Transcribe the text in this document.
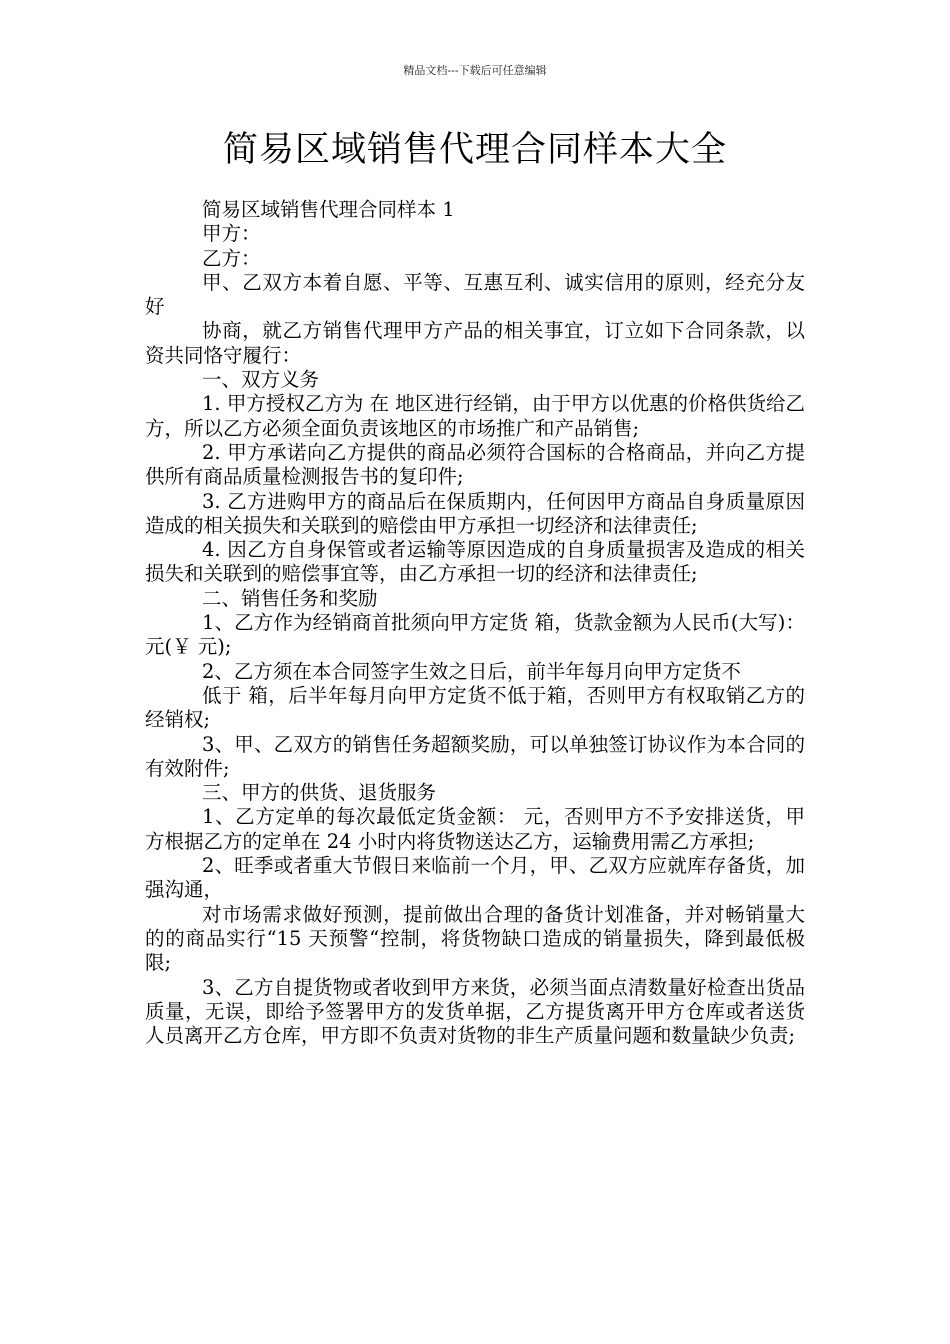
精品文档---下载后可任意编辑
简易区域销售代理合同样本大全

简易区域销售代理合同样本 1

甲方：

乙方：

甲、乙双方本着自愿、平等、互惠互利、诚实信用的原则，经充分友好

协商，就乙方销售代理甲方产品的相关事宜，订立如下合同条款，以资共同恪守履行：

一、双方义务

1. 甲方授权乙方为 在 地区进行经销，由于甲方以优惠的价格供货给乙方，所以乙方必须全面负责该地区的市场推广和产品销售;

2. 甲方承诺向乙方提供的商品必须符合国标的合格商品，并向乙方提供所有商品质量检测报告书的复印件;

3. 乙方进购甲方的商品后在保质期内，任何因甲方商品自身质量原因造成的相关损失和关联到的赔偿由甲方承担一切经济和法律责任;

4. 因乙方自身保管或者运输等原因造成的自身质量损害及造成的相关损失和关联到的赔偿事宜等，由乙方承担一切的经济和法律责任;

二、销售任务和奖励

1、乙方作为经销商首批须向甲方定货 箱，货款金额为人民币(大写)： 元(￥ 元);

2、乙方须在本合同签字生效之日后，前半年每月向甲方定货不

低于 箱，后半年每月向甲方定货不低于箱，否则甲方有权取销乙方的经销权;

3、甲、乙双方的销售任务超额奖励，可以单独签订协议作为本合同的有效附件;

三、甲方的供货、退货服务

1、乙方定单的每次最低定货金额： 元，否则甲方不予安排送货，甲方根据乙方的定单在 24 小时内将货物送达乙方，运输费用需乙方承担;

2、旺季或者重大节假日来临前一个月，甲、乙双方应就库存备货，加强沟通，

对市场需求做好预测，提前做出合理的备货计划准备，并对畅销量大的的商品实行“15 天预警“控制，将货物缺口造成的销量损失，降到最低极限;

3、乙方自提货物或者收到甲方来货，必须当面点清数量好检查出货品质量，无误，即给予签署甲方的发货单据，乙方提货离开甲方仓库或者送货人员离开乙方仓库，甲方即不负责对货物的非生产质量问题和数量缺少负责;
